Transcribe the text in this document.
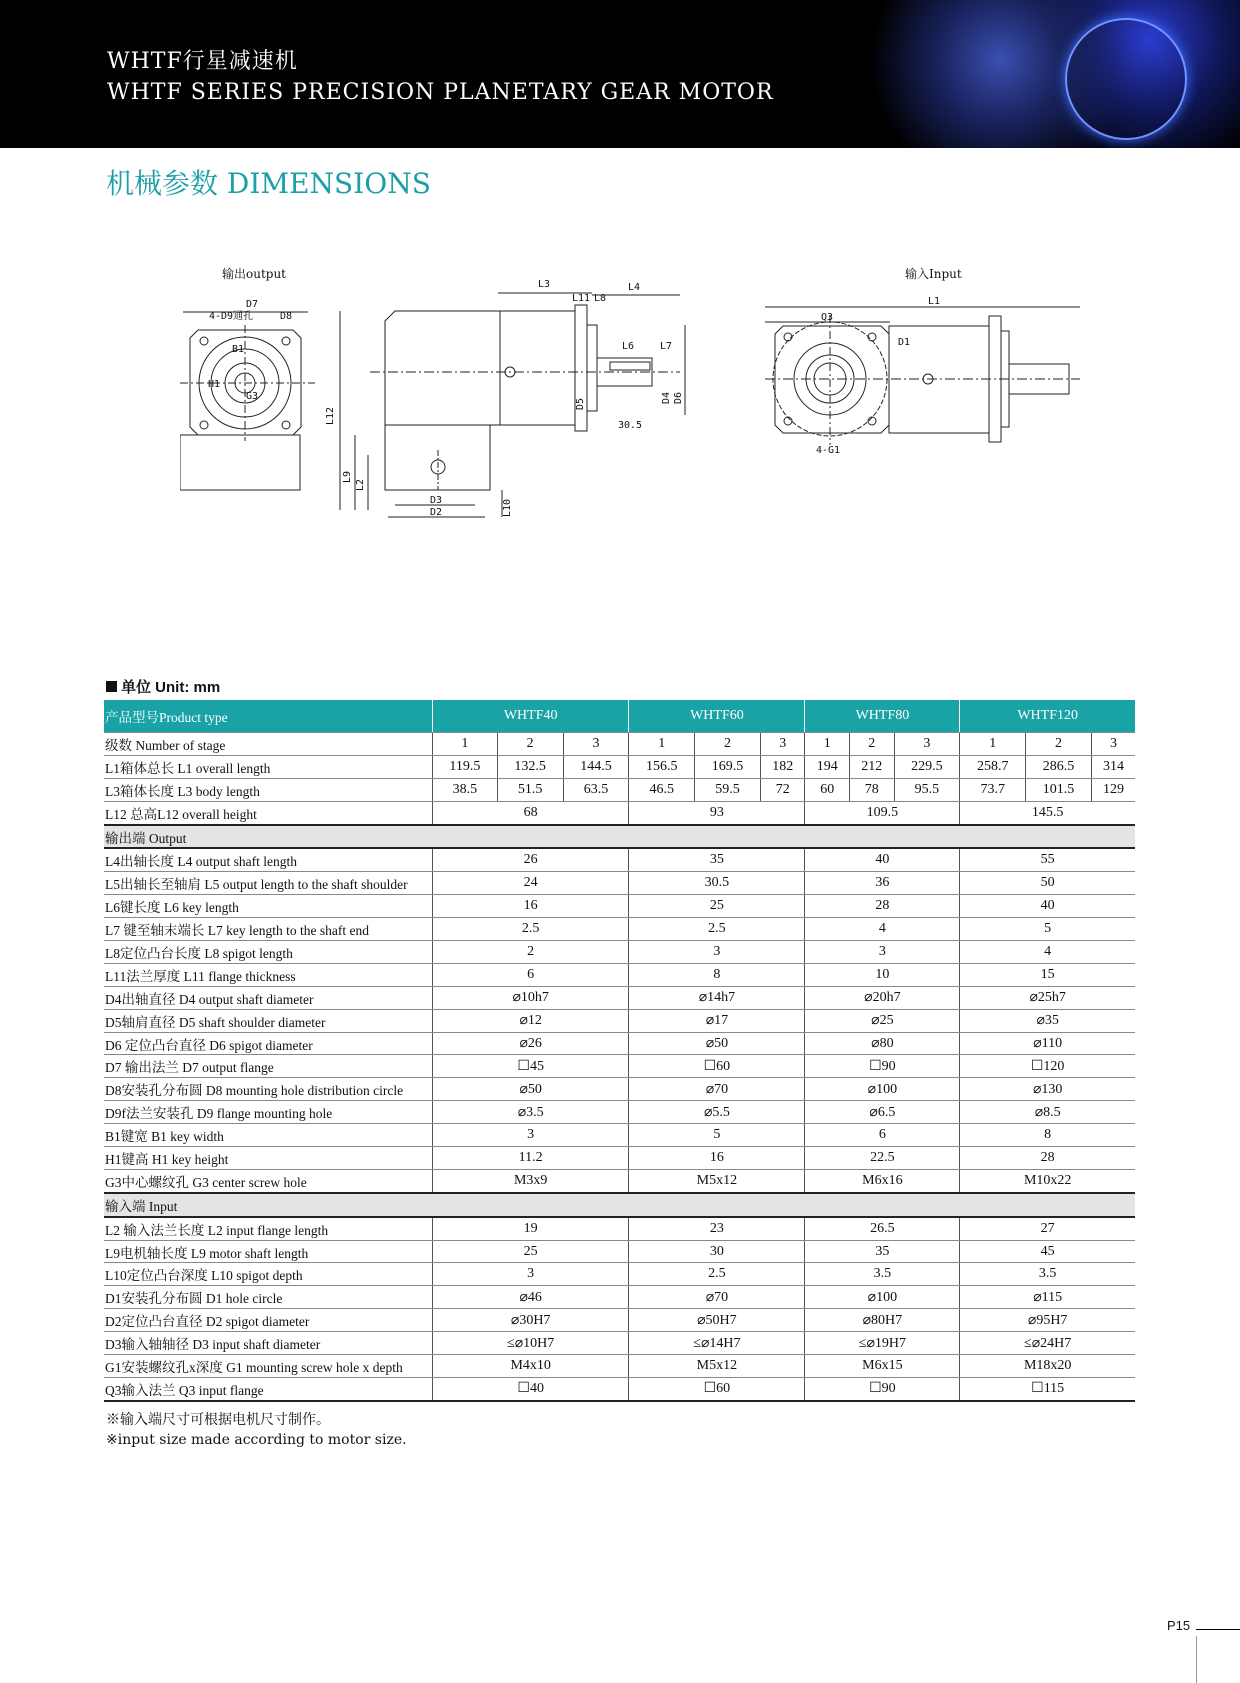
WHTF行星减速机
WHTF SERIES PRECISION PLANETARY GEAR MOTOR
机械参数 DIMENSIONS
输出output
D7
4-D9通孔	D8
B1
H1
G3
L3	L4
L11 L8
L6	L7
D5	D4 D6
30.5
L12
L9
L2
D3
D2	L10
输入Input
L1
Q3
D1
4-G1
单位 Unit: mm
产品型号Product type	WHTF40			WHTF60			WHTF80			WHTF120		
级数 Number of stage	1	2	3	1	2	3	1	2	3	1	2	3
L1箱体总长 L1 overall length	119.5	132.5	144.5	156.5	169.5	182	194	212	229.5	258.7	286.5	314
L3箱体长度 L3 body length	38.5	51.5	63.5	46.5	59.5	72	60	78	95.5	73.7	101.5	129
L12 总高L12 overall height	68			93			109.5			145.5		
输出端 Output												
L4出轴长度 L4 output shaft length	26			35			40			55		
L5出轴长至轴肩 L5 output length to the shaft shoulder	24			30.5			36			50		
L6键长度 L6 key length	16			25			28			40		
L7 键至轴末端长 L7 key length to the shaft end	2.5			2.5			4			5		
L8定位凸台长度 L8 spigot length	2			3			3			4		
L11法兰厚度 L11 flange thickness	6			8			10			15		
D4出轴直径 D4 output shaft diameter	⌀10h7			⌀14h7			⌀20h7			⌀25h7		
D5轴肩直径 D5 shaft shoulder diameter	⌀12			⌀17			⌀25			⌀35		
D6 定位凸台直径 D6 spigot diameter	⌀26			⌀50			⌀80			⌀110		
D7 输出法兰 D7 output flange	☐45			☐60			☐90			☐120		
D8安装孔分布圆 D8 mounting hole distribution circle	⌀50			⌀70			⌀100			⌀130		
D9f法兰安装孔 D9 flange mounting hole	⌀3.5			⌀5.5			⌀6.5			⌀8.5		
B1键宽 B1 key width	3			5			6			8		
H1键高 H1 key height	11.2			16			22.5			28		
G3中心螺纹孔 G3 center screw hole	M3x9			M5x12			M6x16			M10x22		
输入端 Input												
L2 输入法兰长度 L2 input flange length	19			23			26.5			27		
L9电机轴长度 L9 motor shaft length	25			30			35			45		
L10定位凸台深度 L10 spigot depth	3			2.5			3.5			3.5		
D1安装孔分布圆 D1 hole circle	⌀46			⌀70			⌀100			⌀115		
D2定位凸台直径 D2 spigot diameter	⌀30H7			⌀50H7			⌀80H7			⌀95H7		
D3输入轴轴径 D3 input shaft diameter	≤⌀10H7			≤⌀14H7			≤⌀19H7			≤⌀24H7		
G1安装螺纹孔x深度 G1 mounting screw hole x depth	M4x10			M5x12			M6x15			M18x20		
Q3输入法兰 Q3 input flange	☐40			☐60			☐90			☐115		
※输入端尺寸可根据电机尺寸制作。
※input size made according to motor size.
P15
